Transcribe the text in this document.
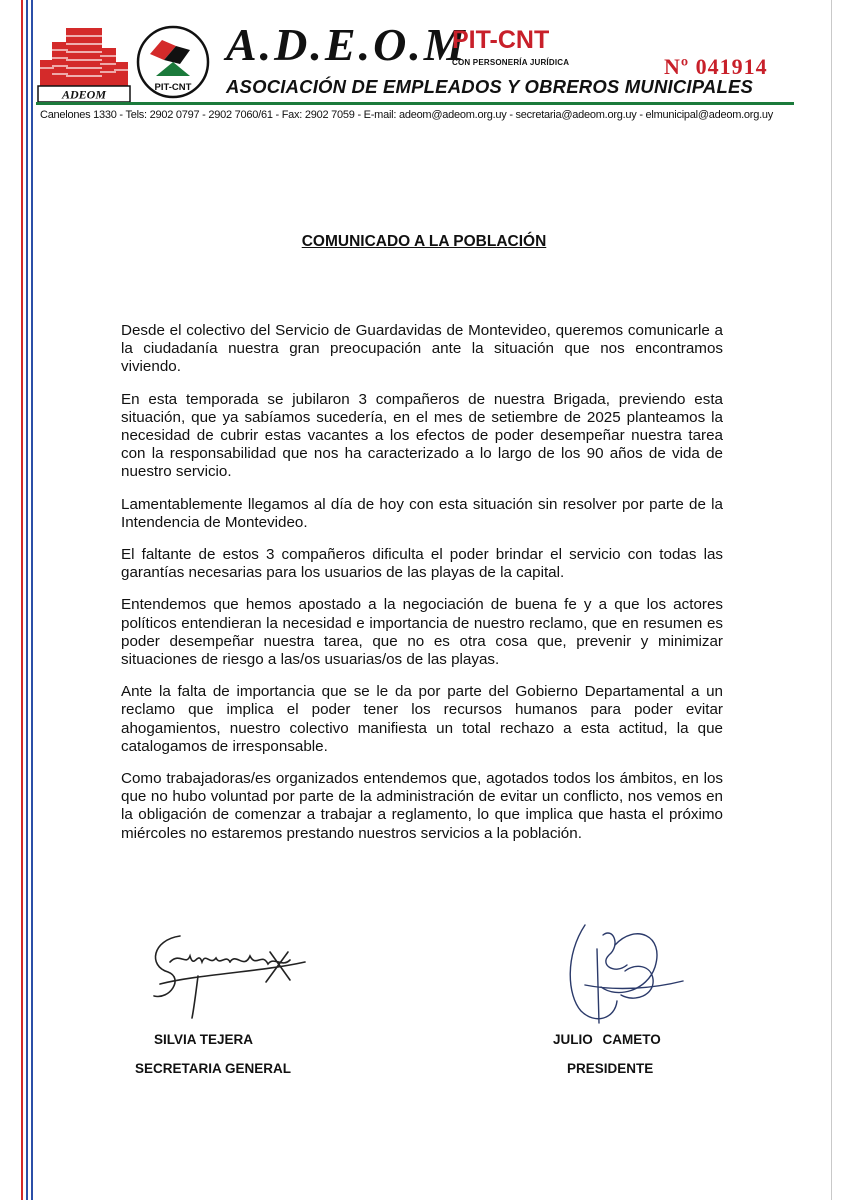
ADEOM	PIT-CNT
A.D.E.O.M
PIT-CNT
CON PERSONERÍA JURÍDICA
ASOCIACIÓN DE EMPLEADOS Y OBREROS MUNICIPALES
Nº 041914
Canelones 1330 - Tels: 2902 0797 - 2902 7060/61 - Fax: 2902 7059 - E-mail: adeom@adeom.org.uy - secretaria@adeom.org.uy - elmunicipal@adeom.org.uy
COMUNICADO A LA POBLACIÓN

Desde el colectivo del Servicio de Guardavidas de Montevideo, queremos comunicarle a la ciudadanía nuestra gran preocupación ante la situación que nos encontramos viviendo.

En esta temporada se jubilaron 3 compañeros de nuestra Brigada, previendo esta situación, que ya sabíamos sucedería, en el mes de setiembre de 2025 planteamos la necesidad de cubrir estas vacantes a los efectos de poder desempeñar nuestra tarea con la responsabilidad que nos ha caracterizado a lo largo de los 90 años de vida de nuestro servicio.

Lamentablemente llegamos al día de hoy con esta situación sin resolver por parte de la Intendencia de Montevideo.

El faltante de estos 3 compañeros dificulta el poder brindar el servicio con todas las garantías necesarias para los usuarios de las playas de la capital.

Entendemos que hemos apostado a la negociación de buena fe y a que los actores políticos entendieran la necesidad e importancia de nuestro reclamo, que en resumen es poder desempeñar nuestra tarea, que no es otra cosa que, prevenir y minimizar situaciones de riesgo a las/os usuarias/os de las playas.

Ante la falta de importancia que se le da por parte del Gobierno Departamental a un reclamo que implica el poder tener los recursos humanos para poder evitar ahogamientos, nuestro colectivo manifiesta un total rechazo a esta actitud, la que catalogamos de irresponsable.

Como trabajadoras/es organizados entendemos que, agotados todos los ámbitos, en los que no hubo voluntad por parte de la administración de evitar un conflicto, nos vemos en la obligación de comenzar a trabajar a reglamento, lo que implica que hasta el próximo miércoles no estaremos prestando nuestros servicios a la población.

SILVIA TEJERA
SECRETARIA GENERAL
JULIO CAMETO
PRESIDENTE
